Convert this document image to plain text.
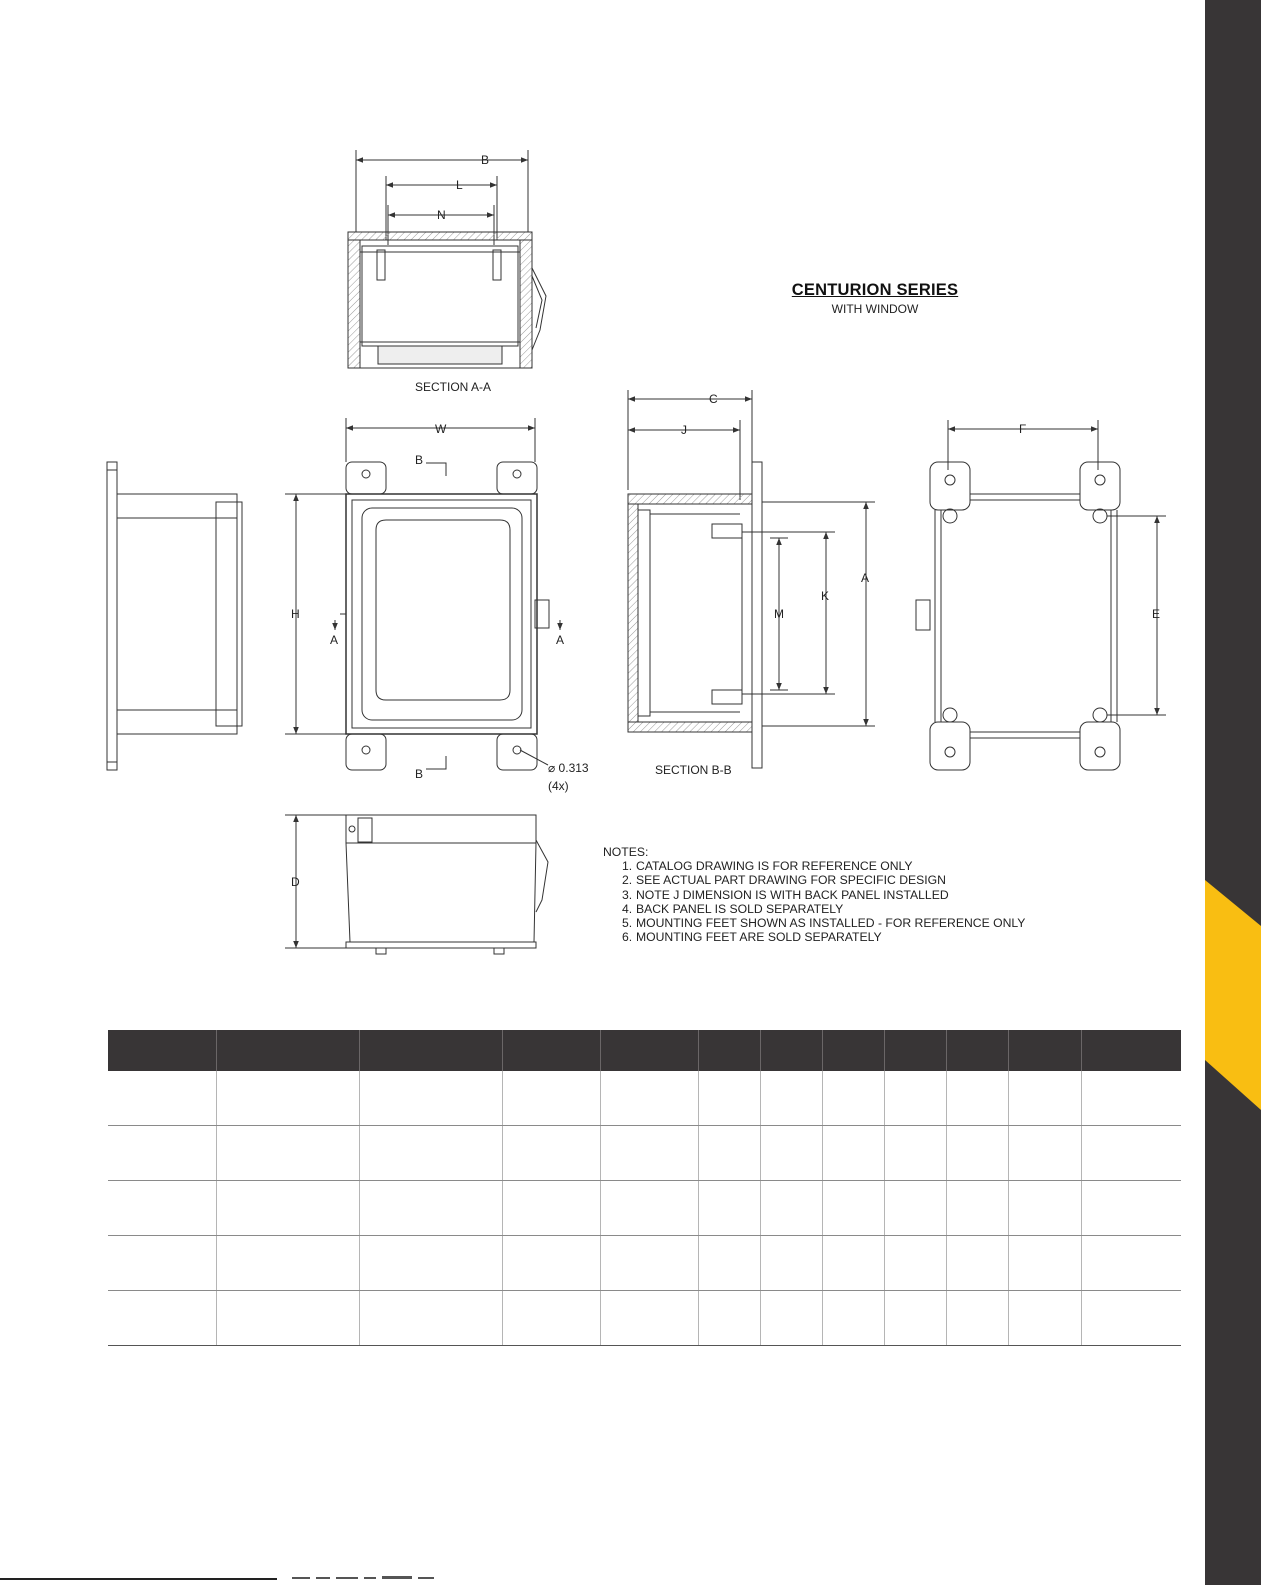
B
L
N
SECTION A-A
W
H
B
B
A	A
⌀ 0.313
(4x)
C
J
A
K
M
SECTION B-B
F
E
D
CENTURION SERIES
WITH WINDOW
NOTES:
1. CATALOG DRAWING IS FOR REFERENCE ONLY
2. SEE ACTUAL PART DRAWING FOR SPECIFIC DESIGN
3. NOTE J DIMENSION IS WITH BACK PANEL INSTALLED
4. BACK PANEL IS SOLD SEPARATELY
5. MOUNTING FEET SHOWN AS INSTALLED - FOR REFERENCE ONLY
6. MOUNTING FEET ARE SOLD SEPARATELY
